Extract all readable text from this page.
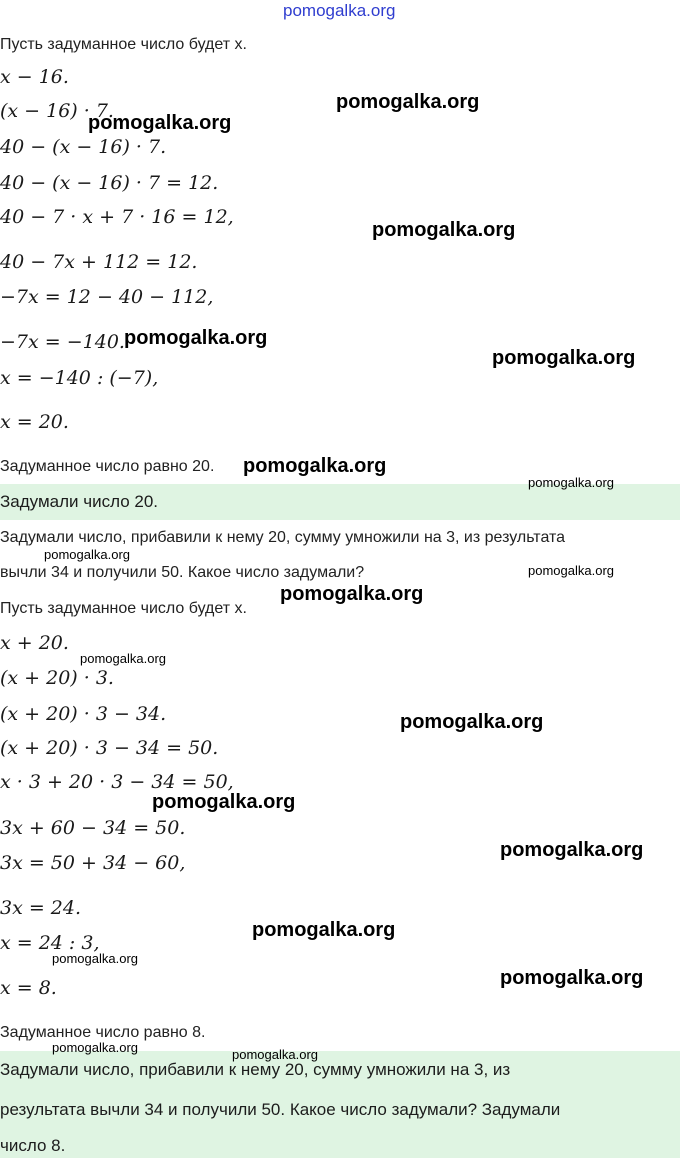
pomogalka.org
Пусть задуманное число будет x.
x − 16.
(x − 16) · 7.
40 − (x − 16) · 7.
40 − (x − 16) · 7 = 12.
40 − 7 · x + 7 · 16 = 12,
40 − 7x + 112 = 12.
−7x = 12 − 40 − 112,
−7x = −140.
x = −140 : (−7),
x = 20.
Задуманное число равно 20.
Задумали число 20.
Задумали число, прибавили к нему 20, сумму умножили на 3, из результата
вычли 34 и получили 50. Какое число задумали?
Пусть задуманное число будет x.
x + 20.
(x + 20) · 3.
(x + 20) · 3 − 34.
(x + 20) · 3 − 34 = 50.
x · 3 + 20 · 3 − 34 = 50,
3x + 60 − 34 = 50.
3x = 50 + 34 − 60,
3x = 24.
x = 24 : 3,
x = 8.
Задуманное число равно 8.
Задумали число, прибавили к нему 20, сумму умножили на 3, из
результата вычли 34 и получили 50. Какое число задумали? Задумали
число 8.
pomogalka.org
pomogalka.org
pomogalka.org
pomogalka.org
pomogalka.org
pomogalka.org
pomogalka.org
pomogalka.org
pomogalka.org
pomogalka.org
pomogalka.org
pomogalka.org
pomogalka.org
pomogalka.org
pomogalka.org
pomogalka.org
pomogalka.org
pomogalka.org	pomogalka.org
